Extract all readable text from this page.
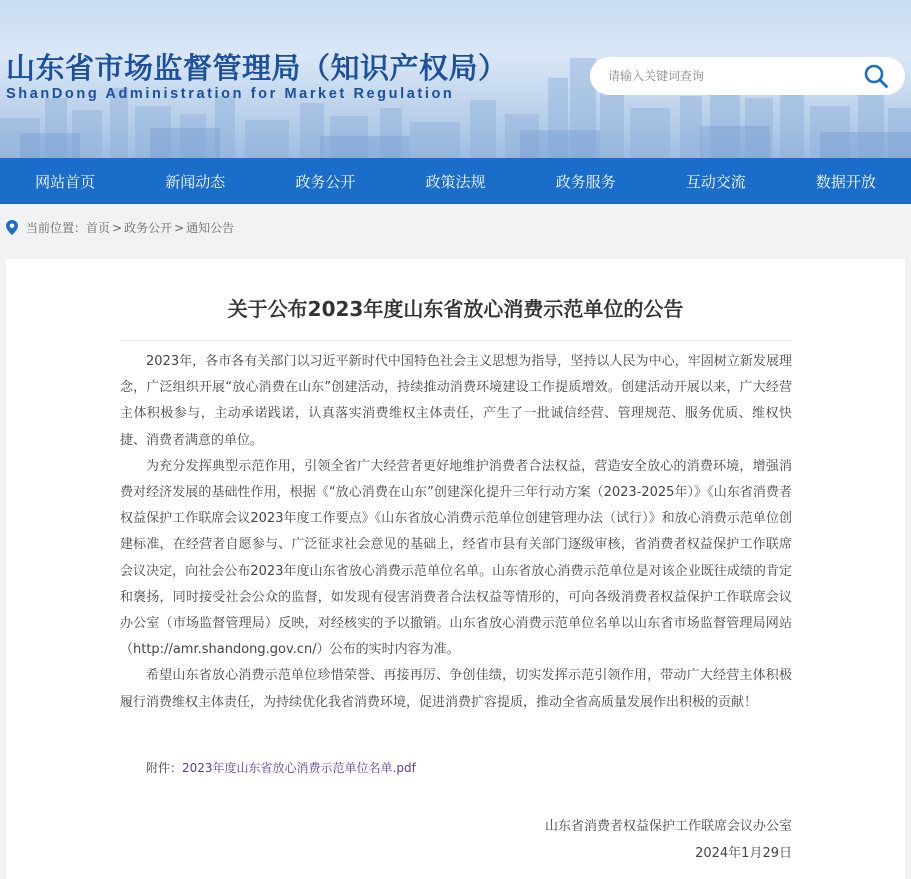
山东省市场监督管理局（知识产权局）
ShanDong Administration for Market Regulation
请输入关键词查询
网站首页	新闻动态	政务公开	政策法规	政务服务	互动交流	数据开放
当前位置： 首页 > 政务公开 > 通知公告
关于公布2023年度山东省放心消费示范单位的公告

2023年，各市各有关部门以习近平新时代中国特色社会主义思想为指导，坚持以人民为中心，牢固树立新发展理念，广泛组织开展“放心消费在山东”创建活动，持续推动消费环境建设工作提质增效。创建活动开展以来，广大经营主体积极参与，主动承诺践诺，认真落实消费维权主体责任，产生了一批诚信经营、管理规范、服务优质、维权快捷、消费者满意的单位。

为充分发挥典型示范作用，引领全省广大经营者更好地维护消费者合法权益，营造安全放心的消费环境，增强消费对经济发展的基础性作用，根据《“放心消费在山东”创建深化提升三年行动方案（2023-2025年）》《山东省消费者权益保护工作联席会议2023年度工作要点》《山东省放心消费示范单位创建管理办法（试行）》和放心消费示范单位创建标准，在经营者自愿参与、广泛征求社会意见的基础上，经省市县有关部门逐级审核，省消费者权益保护工作联席会议决定，向社会公布2023年度山东省放心消费示范单位名单。山东省放心消费示范单位是对该企业既往成绩的肯定和褒扬，同时接受社会公众的监督，如发现有侵害消费者合法权益等情形的，可向各级消费者权益保护工作联席会议办公室（市场监督管理局）反映，对经核实的予以撤销。山东省放心消费示范单位名单以山东省市场监督管理局网站（http://amr.shandong.gov.cn/）公布的实时内容为准。

希望山东省放心消费示范单位珍惜荣誉、再接再厉、争创佳绩，切实发挥示范引领作用，带动广大经营主体积极履行消费维权主体责任，为持续优化我省消费环境，促进消费扩容提质，推动全省高质量发展作出积极的贡献！

附件：2023年度山东省放心消费示范单位名单.pdf
山东省消费者权益保护工作联席会议办公室
2024年1月29日
